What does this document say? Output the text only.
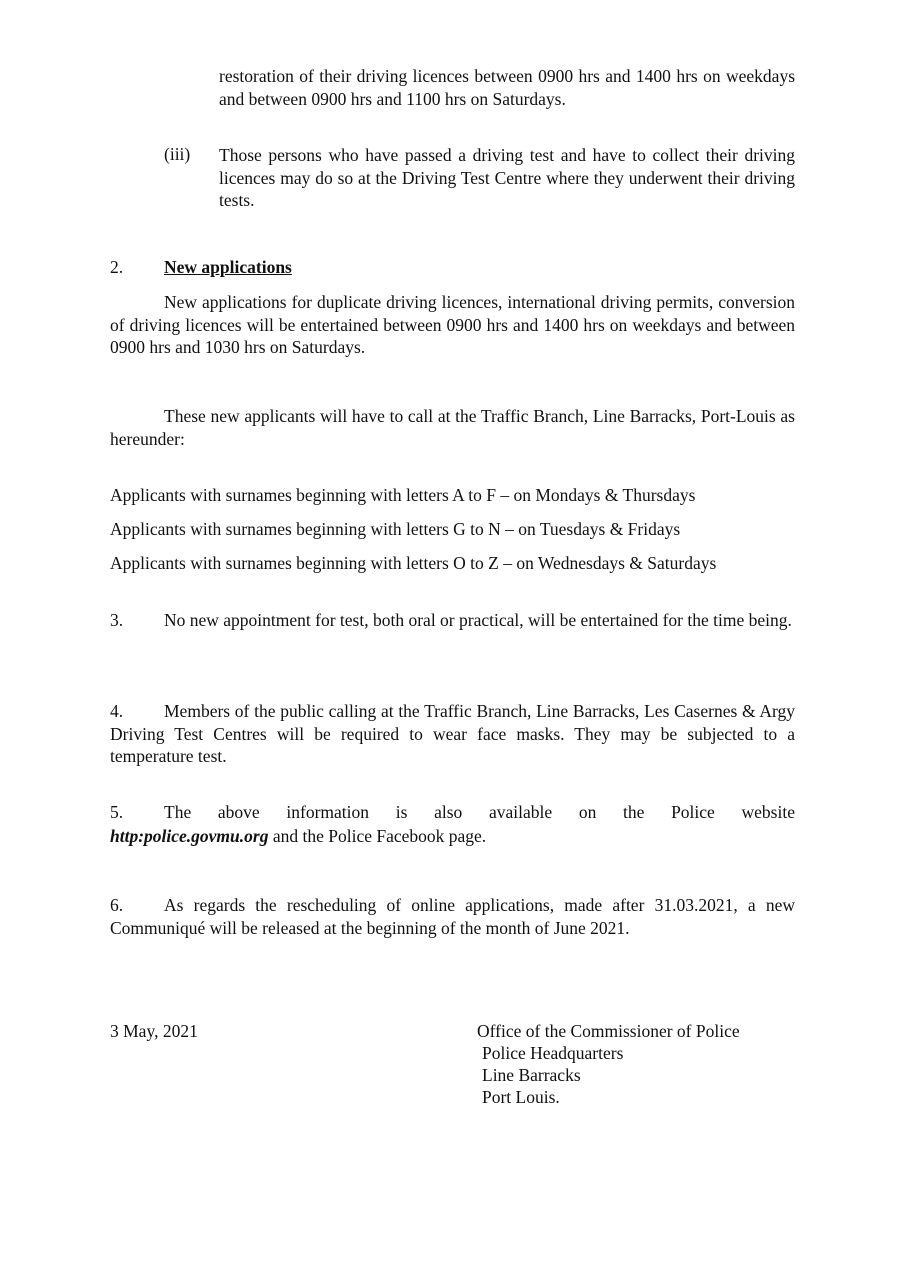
restoration of their driving licences between 0900 hrs and 1400 hrs on weekdays and between 0900 hrs and 1100 hrs on Saturdays.
(iii) Those persons who have passed a driving test and have to collect their driving licences may do so at the Driving Test Centre where they underwent their driving tests.
2. New applications
New applications for duplicate driving licences, international driving permits, conversion of driving licences will be entertained between 0900 hrs and 1400 hrs on weekdays and between 0900 hrs and 1030 hrs on Saturdays.
These new applicants will have to call at the Traffic Branch, Line Barracks, Port-Louis as hereunder:
Applicants with surnames beginning with letters A to F – on Mondays & Thursdays
Applicants with surnames beginning with letters G to N – on Tuesdays & Fridays
Applicants with surnames beginning with letters O to Z – on Wednesdays & Saturdays
3. No new appointment for test, both oral or practical, will be entertained for the time being.
4. Members of the public calling at the Traffic Branch, Line Barracks, Les Casernes & Argy Driving Test Centres will be required to wear face masks. They may be subjected to a temperature test.
5. The above information is also available on the Police website
http:police.govmu.org and the Police Facebook page.
6. As regards the rescheduling of online applications, made after 31.03.2021, a new Communiqué will be released at the beginning of the month of June 2021.
3 May, 2021	Office of the Commissioner of Police
Police Headquarters
Line Barracks
Port Louis.
